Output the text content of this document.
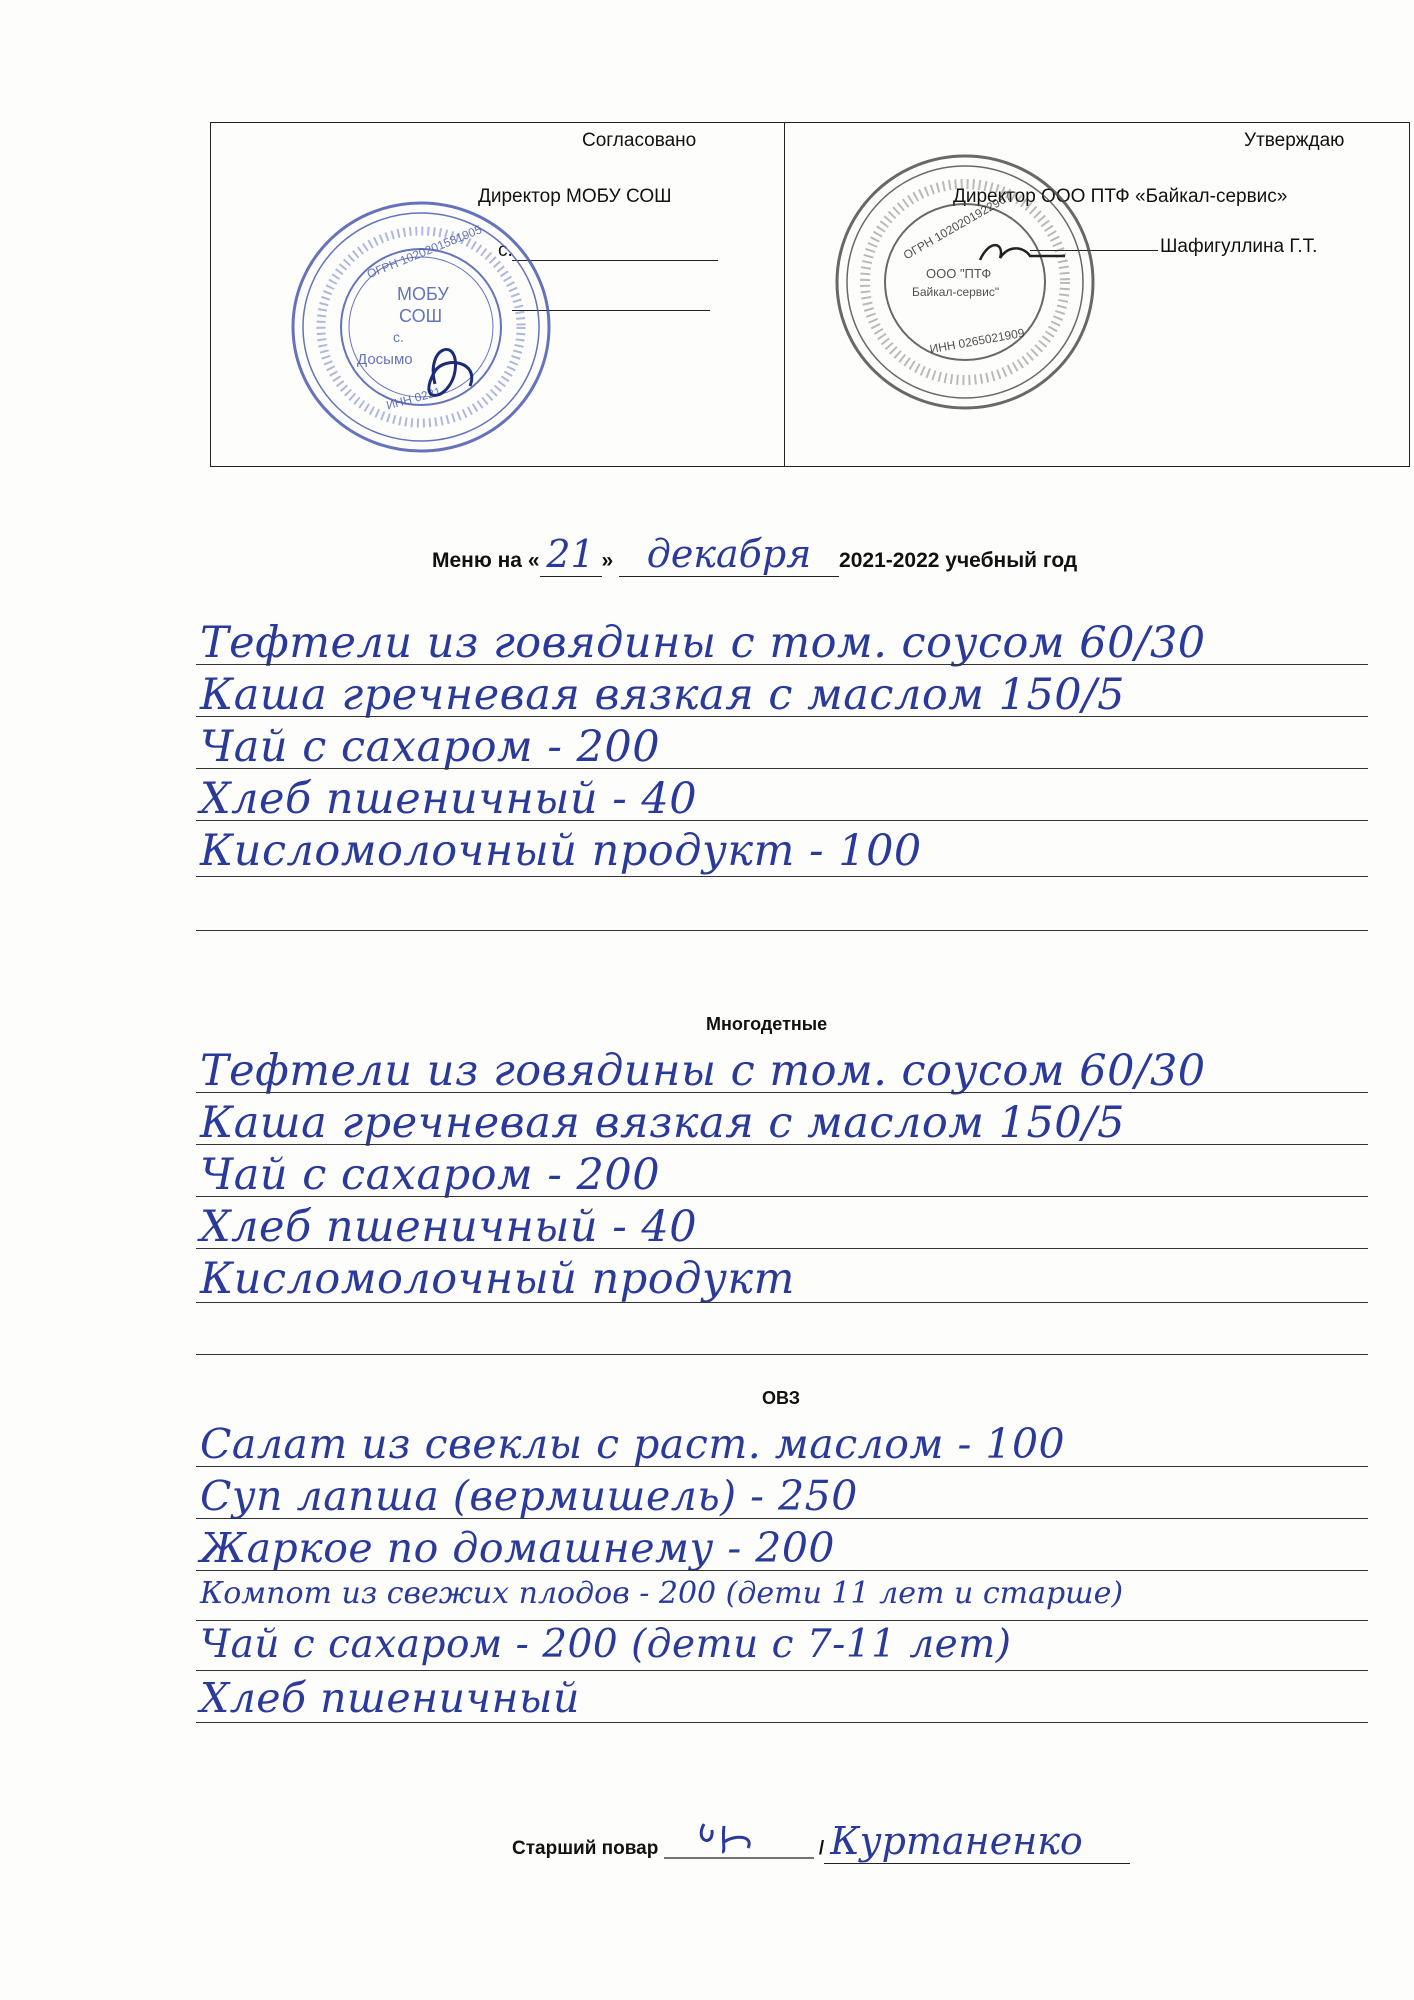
Согласовано
Директор МОБУ СОШ
с.
ОГРН 1020201581905
МОБУ
СОШ
с.
Досымо
ИНН 0221
Утверждаю
Директор ООО ПТФ «Байкал-сервис»
Шафигуллина Г.Т.
ОГРН 1020201922967
ООО "ПТФ
Байкал-сервис"
ИНН 0265021909
Меню на « 21 » декабря 2021-2022 учебный год
Тефтели из говядины с том. соусом 60/30
Каша гречневая вязкая с маслом 150/5
Чай с сахаром - 200
Хлеб пшеничный - 40
Кисломолочный продукт - 100
Многодетные
Тефтели из говядины с том. соусом 60/30
Каша гречневая вязкая с маслом 150/5
Чай с сахаром - 200
Хлеб пшеничный - 40
Кисломолочный продукт
ОВЗ
Салат из свеклы с раст. маслом - 100
Суп лапша (вермишель) - 250
Жаркое по домашнему - 200
Компот из свежих плодов - 200 (дети 11 лет и старше)
Чай с сахаром - 200 (дети с 7-11 лет)
Хлеб пшеничный
Старший повар	/ Куртаненко
